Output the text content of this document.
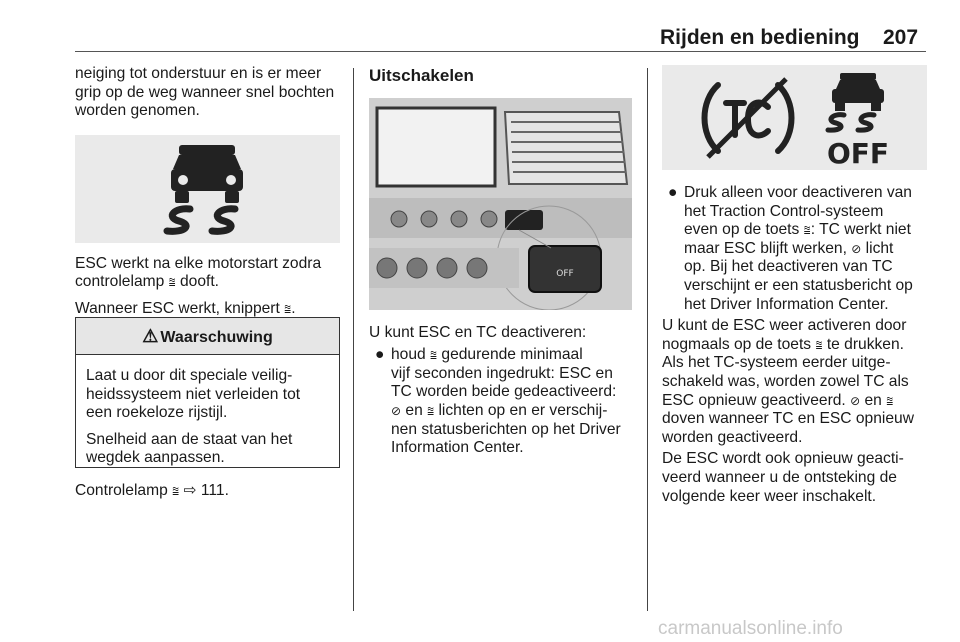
Rijden en bediening 207

neiging tot onderstuur en is er meer
grip op de weg wanneer snel bochten
worden genomen.

ESC werkt na elke motorstart zodra
controlelamp ⩰ dooft.

Wanneer ESC werkt, knippert ⩰.

⚠ Waarschuwing

Laat u door dit speciale veilig-
heidssysteem niet verleiden tot
een roekeloze rijstijl.

Snelheid aan de staat van het
wegdek aanpassen.

Controlelamp ⩰ ⇨ 111.
Uitschakelen
OFF

U kunt ESC en TC deactiveren:

● houd ⩰ gedurende minimaal
vijf seconden ingedrukt: ESC en
TC worden beide gedeactiveerd:
⊘ en ⩰ lichten op en er verschij-
nen statusberichten op het Driver
Information Center.
OFF
● Druk alleen voor deactiveren van
het Traction Control-systeem
even op de toets ⩰: TC werkt niet
maar ESC blijft werken, ⊘ licht
op. Bij het deactiveren van TC
verschijnt er een statusbericht op
het Driver Information Center.

U kunt de ESC weer activeren door
nogmaals op de toets ⩰ te drukken.
Als het TC-systeem eerder uitge-
schakeld was, worden zowel TC als
ESC opnieuw geactiveerd. ⊘ en ⩰
doven wanneer TC en ESC opnieuw
worden geactiveerd.

De ESC wordt ook opnieuw geacti-
veerd wanneer u de ontsteking de
volgende keer weer inschakelt.

carmanualsonline.info
